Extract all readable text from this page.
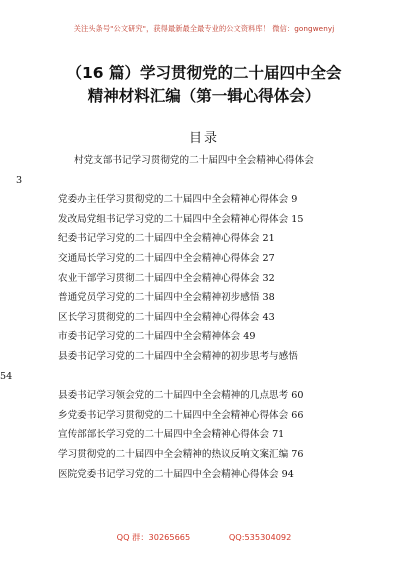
关注头条号"公文研究"，获得最新最全最专业的公文资料库！ 微信：gongwenyj
（16 篇）学习贯彻党的二十届四中全会
精神材料汇编（第一辑心得体会）
目录
村党支部书记学习贯彻党的二十届四中全会精神心得体会
3
党委办主任学习贯彻党的二十届四中全会精神心得体会 9
发改局党组书记学习党的二十届四中全会精神心得体会 15
纪委书记学习党的二十届四中全会精神心得体会 21
交通局长学习党的二十届四中全会精神心得体会 27
农业干部学习贯彻二十届四中全会精神心得体会 32
普通党员学习党的二十届四中全会精神初步感悟 38
区长学习贯彻党的二十届四中全会精神心得体会 43
市委书记学习党的二十届四中全会精神体会 49
县委书记学习党的二十届四中全会精神的初步思考与感悟
54
县委书记学习领会党的二十届四中全会精神的几点思考 60
乡党委书记学习贯彻党的二十届四中全会精神心得体会 66
宣传部部长学习党的二十届四中全会精神心得体会 71
学习贯彻党的二十届四中全会精神的热议反响文案汇编 76
医院党委书记学习党的二十届四中全会精神心得体会 94
QQ 群：30265665	QQ:535304092
